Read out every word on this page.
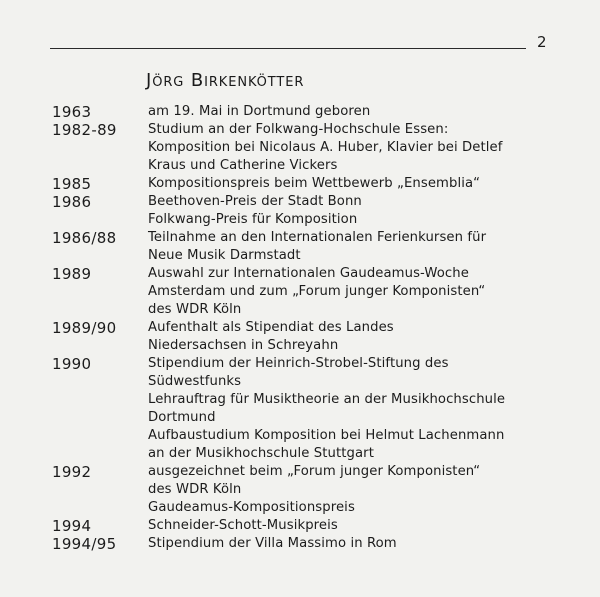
2
Jörg Birkenkötter
1963	am 19. Mai in Dortmund geboren
1982-89	Studium an der Folkwang-Hochschule Essen:
Komposition bei Nicolaus A. Huber, Klavier bei Detlef
Kraus und Catherine Vickers
1985	Kompositionspreis beim Wettbewerb „Ensemblia“
1986	Beethoven-Preis der Stadt Bonn
Folkwang-Preis für Komposition
1986/88	Teilnahme an den Internationalen Ferienkursen für
Neue Musik Darmstadt
1989	Auswahl zur Internationalen Gaudeamus-Woche
Amsterdam und zum „Forum junger Komponisten“
des WDR Köln
1989/90	Aufenthalt als Stipendiat des Landes
Niedersachsen in Schreyahn
1990	Stipendium der Heinrich-Strobel-Stiftung des
Südwestfunks
Lehrauftrag für Musiktheorie an der Musikhochschule
Dortmund
Aufbaustudium Komposition bei Helmut Lachenmann
an der Musikhochschule Stuttgart
1992	ausgezeichnet beim „Forum junger Komponisten“
des WDR Köln
Gaudeamus-Kompositionspreis
1994	Schneider-Schott-Musikpreis
1994/95	Stipendium der Villa Massimo in Rom
